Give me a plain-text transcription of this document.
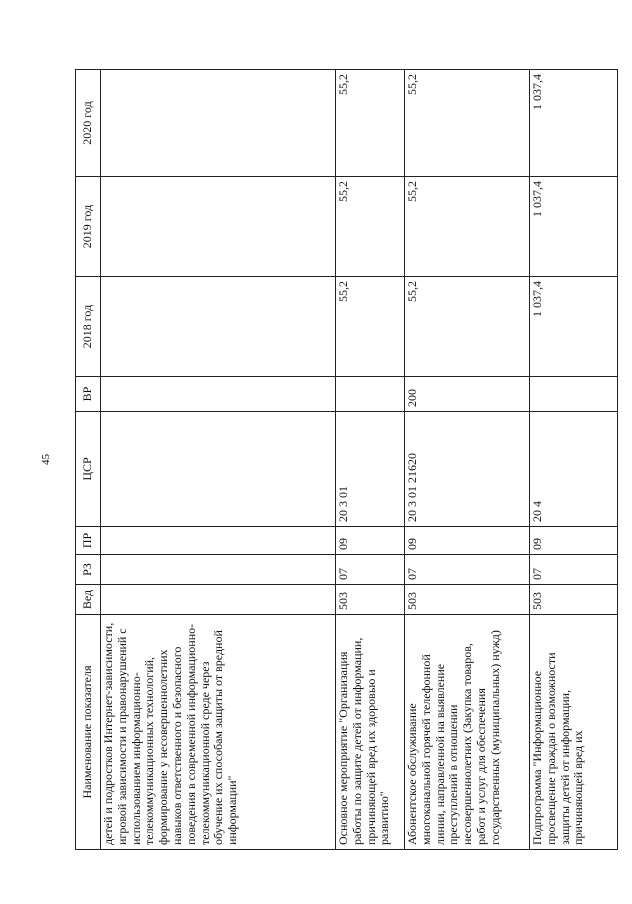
45
Наименование показателя	Вед	РЗ	ПР	ЦСР	ВР	2018 год	2019 год	2020 год
детей и подростков Интернет-зависимости, игровой зависимости и правонарушений с использованием информационно-телекоммуникационных технологий, формирование у несовершеннолетних навыков ответственного и безопасного поведения в современной информационно-телекоммуникационной среде через обучение их способам защиты от вредной информации"								
Основное мероприятие "Организация работы по защите детей от информации, причиняющей вред их здоровью и развитию"	503	07	09	20 3 01		55,2	55,2	55,2
Абонентское обслуживание многоканальной горячей телефонной линии, направленной на выявление преступлений в отношении несовершеннолетних (Закупка товаров, работ и услуг для обеспечения государственных (муниципальных) нужд)	503	07	09	20 3 01 21620	200	55,2	55,2	55,2
Подпрограмма "Информационное просвещение граждан о возможности защиты детей от информации, причиняющей вред их	503	07	09	20 4		1 037,4	1 037,4	1 037,4
